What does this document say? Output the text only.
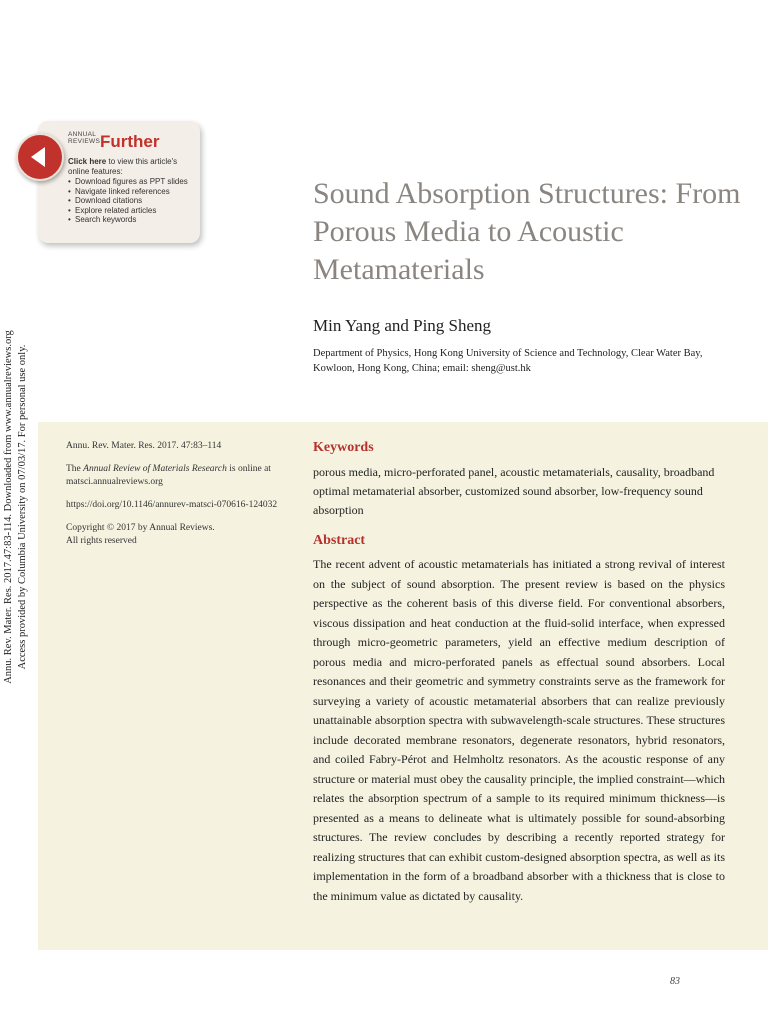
ANNUAL
REVIEWS Further
Click here to view this article's online features:
• Download figures as PPT slides
• Navigate linked references
• Download citations
• Explore related articles
• Search keywords
Sound Absorption Structures: From Porous Media to Acoustic Metamaterials
Min Yang and Ping Sheng
Department of Physics, Hong Kong University of Science and Technology, Clear Water Bay, Kowloon, Hong Kong, China; email: sheng@ust.hk
Annu. Rev. Mater. Res. 2017.47:83-114. Downloaded from www.annualreviews.org Access provided by Columbia University on 07/03/17. For personal use only.	Annu. Rev. Mater. Res. 2017. 47:83–114

The Annual Review of Materials Research is online at matsci.annualreviews.org

https://doi.org/10.1146/annurev-matsci-070616-124032

Copyright © 2017 by Annual Reviews.
All rights reserved

Keywords
porous media, micro-perforated panel, acoustic metamaterials, causality, broadband optimal metamaterial absorber, customized sound absorber, low-frequency sound absorption
Abstract
The recent advent of acoustic metamaterials has initiated a strong revival of interest on the subject of sound absorption. The present review is based on the physics perspective as the coherent basis of this diverse field. For conventional absorbers, viscous dissipation and heat conduction at the fluid-solid interface, when expressed through micro-geometric parameters, yield an effective medium description of porous media and micro-perforated panels as effectual sound absorbers. Local resonances and their geometric and symmetry constraints serve as the framework for surveying a variety of acoustic metamaterial absorbers that can realize previously unattainable absorption spectra with subwavelength-scale structures. These structures include decorated membrane resonators, degenerate resonators, hybrid resonators, and coiled Fabry-Pérot and Helmholtz resonators. As the acoustic response of any structure or material must obey the causality principle, the implied constraint—which relates the absorption spectrum of a sample to its required minimum thickness—is presented as a means to delineate what is ultimately possible for sound-absorbing structures. The review concludes by describing a recently reported strategy for realizing structures that can exhibit custom-designed absorption spectra, as well as its implementation in the form of a broadband absorber with a thickness that is close to the minimum value as dictated by causality.
83
